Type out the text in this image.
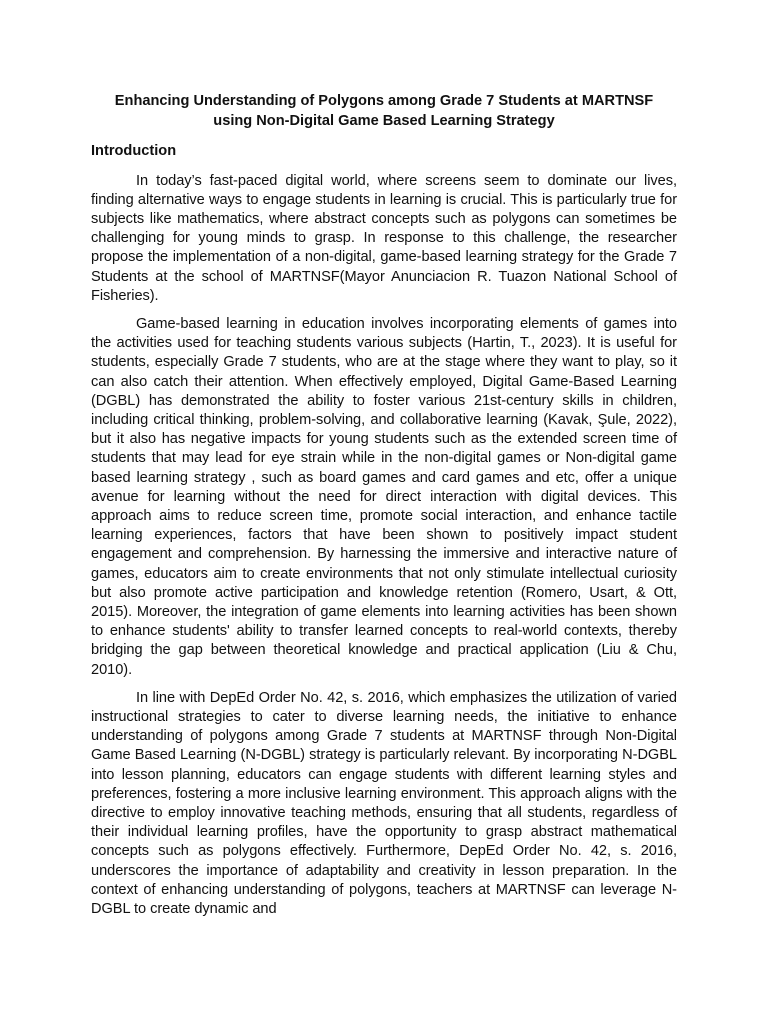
Enhancing Understanding of Polygons among Grade 7 Students at MARTNSF
using Non-Digital Game Based Learning Strategy
Introduction

In today’s fast-paced digital world, where screens seem to dominate our lives, finding alternative ways to engage students in learning is crucial. This is particularly true for subjects like mathematics, where abstract concepts such as polygons can sometimes be challenging for young minds to grasp. In response to this challenge, the researcher propose the implementation of a non-digital, game-based learning strategy for the Grade 7 Students at the school of MARTNSF(Mayor Anunciacion R. Tuazon National School of Fisheries).

Game-based learning in education involves incorporating elements of games into the activities used for teaching students various subjects (Hartin, T., 2023). It is useful for students, especially Grade 7 students, who are at the stage where they want to play, so it can also catch their attention. When effectively employed, Digital Game-Based Learning (DGBL) has demonstrated the ability to foster various 21st-century skills in children, including critical thinking, problem-solving, and collaborative learning (Kavak, Şule, 2022), but it also has negative impacts for young students such as the extended screen time of students that may lead for eye strain while in the non-digital games or Non-digital game based learning strategy , such as board games and card games and etc, offer a unique avenue for learning without the need for direct interaction with digital devices. This approach aims to reduce screen time, promote social interaction, and enhance tactile learning experiences, factors that have been shown to positively impact student engagement and comprehension. By harnessing the immersive and interactive nature of games, educators aim to create environments that not only stimulate intellectual curiosity but also promote active participation and knowledge retention (Romero, Usart, & Ott, 2015). Moreover, the integration of game elements into learning activities has been shown to enhance students' ability to transfer learned concepts to real-world contexts, thereby bridging the gap between theoretical knowledge and practical application (Liu & Chu, 2010).

In line with DepEd Order No. 42, s. 2016, which emphasizes the utilization of varied instructional strategies to cater to diverse learning needs, the initiative to enhance understanding of polygons among Grade 7 students at MARTNSF through Non-Digital Game Based Learning (N-DGBL) strategy is particularly relevant. By incorporating N-DGBL into lesson planning, educators can engage students with different learning styles and preferences, fostering a more inclusive learning environment. This approach aligns with the directive to employ innovative teaching methods, ensuring that all students, regardless of their individual learning profiles, have the opportunity to grasp abstract mathematical concepts such as polygons effectively. Furthermore, DepEd Order No. 42, s. 2016, underscores the importance of adaptability and creativity in lesson preparation. In the context of enhancing understanding of polygons, teachers at MARTNSF can leverage N-DGBL to create dynamic and
